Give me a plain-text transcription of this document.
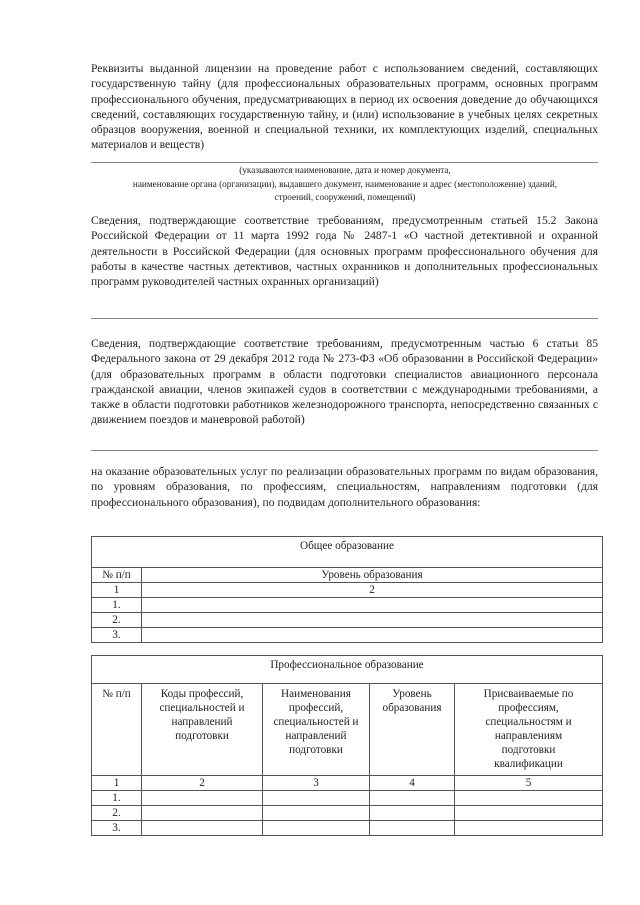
Реквизиты выданной лицензии на проведение работ с использованием сведений, составляющих государственную тайну (для профессиональных образовательных программ, основных программ профессионального обучения, предусматривающих в период их освоения доведение до обучающихся сведений, составляющих государственную тайну, и (или) использование в учебных целях секретных образцов вооружения, военной и специальной техники, их комплектующих изделий, специальных материалов и веществ)
(указываются наименование, дата и номер документа,
наименование органа (организации), выдавшего документ, наименование и адрес (местоположение) зданий,
строений, сооружений, помещений)
Сведения, подтверждающие соответствие требованиям, предусмотренным статьей 15.2 Закона Российской Федерации от 11 марта 1992 года № 2487-1 «О частной детективной и охранной деятельности в Российской Федерации (для основных программ профессионального обучения для работы в качестве частных детективов, частных охранников и дополнительных профессиональных программ руководителей частных охранных организаций)
Сведения, подтверждающие соответствие требованиям, предусмотренным частью 6 статьи 85 Федерального закона от 29 декабря 2012 года № 273-ФЗ «Об образовании в Российской Федерации» (для образовательных программ в области подготовки специалистов авиационного персонала гражданской авиации, членов экипажей судов в соответствии с международными требованиями, а также в области подготовки работников железнодорожного транспорта, непосредственно связанных с движением поездов и маневровой работой)
на оказание образовательных услуг по реализации образовательных программ по видам образования, по уровням образования, по профессиям, специальностям, направлениям подготовки (для профессионального образования), по подвидам дополнительного образования:
Общее образование	
№ п/п	Уровень образования
1	2
1.	
2.	
3.	
Профессиональное образование				
№ п/п	Коды профессий, специальностей и направлений подготовки	Наименования профессий, специальностей и направлений подготовки	Уровень образования	Присваиваемые по профессиям, специальностям и направлениям подготовки квалификации
1	2	3	4	5
1.				
2.				
3.				
